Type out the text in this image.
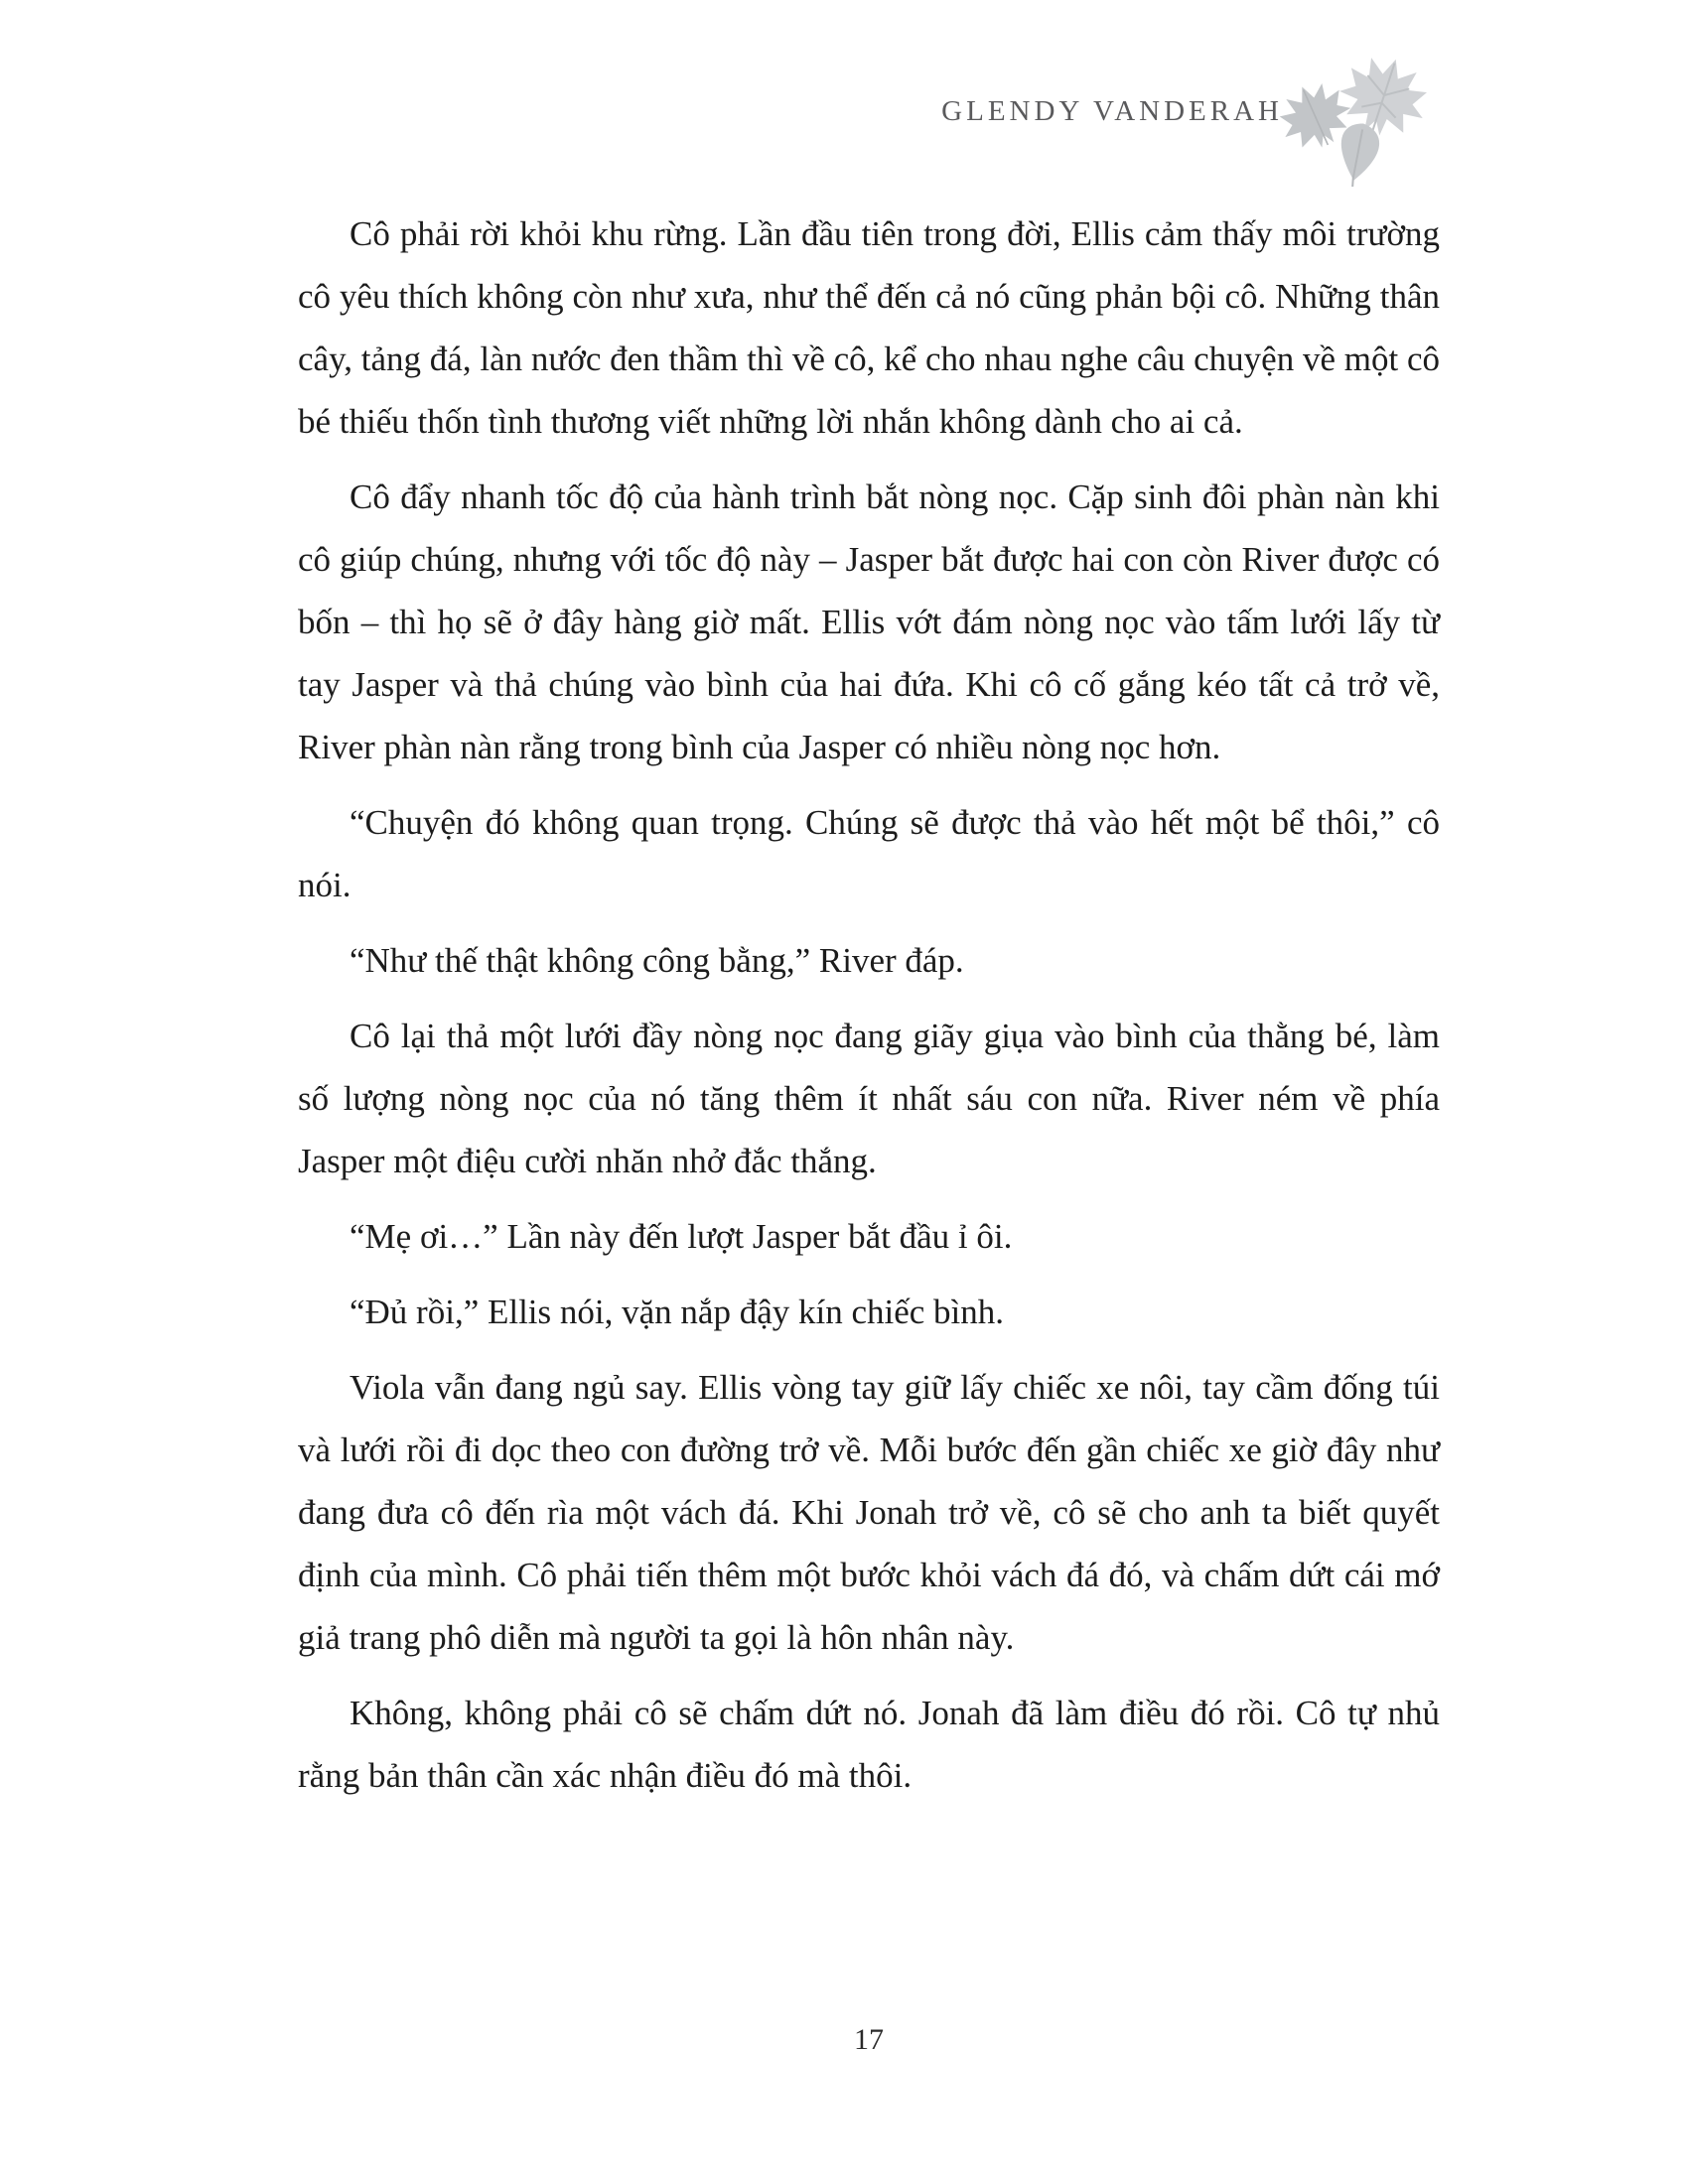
GLENDY VANDERAH

Cô phải rời khỏi khu rừng. Lần đầu tiên trong đời, Ellis cảm thấy môi trường cô yêu thích không còn như xưa, như thể đến cả nó cũng phản bội cô. Những thân cây, tảng đá, làn nước đen thầm thì về cô, kể cho nhau nghe câu chuyện về một cô bé thiếu thốn tình thương viết những lời nhắn không dành cho ai cả.

Cô đẩy nhanh tốc độ của hành trình bắt nòng nọc. Cặp sinh đôi phàn nàn khi cô giúp chúng, nhưng với tốc độ này – Jasper bắt được hai con còn River được có bốn – thì họ sẽ ở đây hàng giờ mất. Ellis vớt đám nòng nọc vào tấm lưới lấy từ tay Jasper và thả chúng vào bình của hai đứa. Khi cô cố gắng kéo tất cả trở về, River phàn nàn rằng trong bình của Jasper có nhiều nòng nọc hơn.

“Chuyện đó không quan trọng. Chúng sẽ được thả vào hết một bể thôi,” cô nói.

“Như thế thật không công bằng,” River đáp.

Cô lại thả một lưới đầy nòng nọc đang giãy giụa vào bình của thằng bé, làm số lượng nòng nọc của nó tăng thêm ít nhất sáu con nữa. River ném về phía Jasper một điệu cười nhăn nhở đắc thắng.

“Mẹ ơi…” Lần này đến lượt Jasper bắt đầu ỉ ôi.

“Đủ rồi,” Ellis nói, vặn nắp đậy kín chiếc bình.

Viola vẫn đang ngủ say. Ellis vòng tay giữ lấy chiếc xe nôi, tay cầm đống túi và lưới rồi đi dọc theo con đường trở về. Mỗi bước đến gần chiếc xe giờ đây như đang đưa cô đến rìa một vách đá. Khi Jonah trở về, cô sẽ cho anh ta biết quyết định của mình. Cô phải tiến thêm một bước khỏi vách đá đó, và chấm dứt cái mớ giả trang phô diễn mà người ta gọi là hôn nhân này.

Không, không phải cô sẽ chấm dứt nó. Jonah đã làm điều đó rồi. Cô tự nhủ rằng bản thân cần xác nhận điều đó mà thôi.

17
